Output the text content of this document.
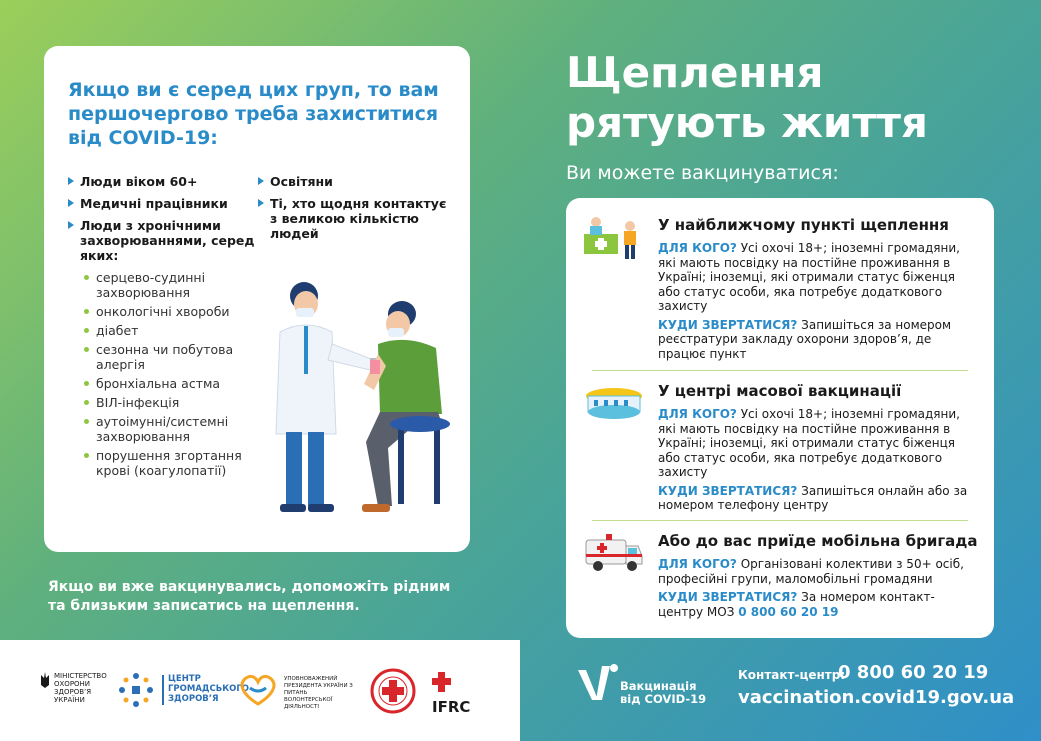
Якщо ви є серед цих груп, то вам першочергово треба захиститися від COVID-19:
Люди віком 60+
Медичні працівники
Люди з хронічними захворюваннями, серед яких:
серцево-судинні захворювання
онкологічні хвороби
діабет
сезонна чи побутова алергія
бронхіальна астма
ВІЛ-інфекція
аутоімунні/системні захворювання
порушення згортання крові (коагулопатії)
Освітяни
Ті, хто щодня контактує з великою кількістю людей
Якщо ви вже вакцинувались, допоможіть рідним та близьким записатись на щеплення.
МІНІСТЕРСТВО ОХОРОНИ ЗДОРОВ’Я УКРАЇНИ
ЦЕНТР
ГРОМАДСЬКОГО
ЗДОРОВ’Я
УПОВНОВАЖЕНИЙ ПРЕЗИДЕНТА УКРАЇНИ З ПИТАНЬ ВОЛОНТЕРСЬКОЇ ДІЯЛЬНОСТІ	IFRC
Щеплення
рятують життя
Ви можете вакцинуватися:
У найближчому пункті щеплення

ДЛЯ КОГО? Усі охочі 18+; іноземні громадяни, які мають посвідку на постійне проживання в Україні; іноземці, які отримали статус біженця або статус особи, яка потребує додаткового захисту

КУДИ ЗВЕРТАТИСЯ? Запишіться за номером реєстратури закладу охорони здоров’я, де працює пункт

У центрі масової вакцинації

ДЛЯ КОГО? Усі охочі 18+; іноземні громадяни, які мають посвідку на постійне проживання в Україні; іноземці, які отримали статус біженця або статус особи, яка потребує додаткового захисту

КУДИ ЗВЕРТАТИСЯ? Запишіться онлайн або за номером телефону центру

Або до вас приїде мобільна бригада

ДЛЯ КОГО? Організовані колективи з 50+ осіб, професійні групи, маломобільні громадяни

КУДИ ЗВЕРТАТИСЯ? За номером контакт-центру МОЗ 0 800 60 20 19

Вакцинація
від COVID-19
Контакт-центр:
0 800 60 20 19
vaccination.covid19.gov.ua
